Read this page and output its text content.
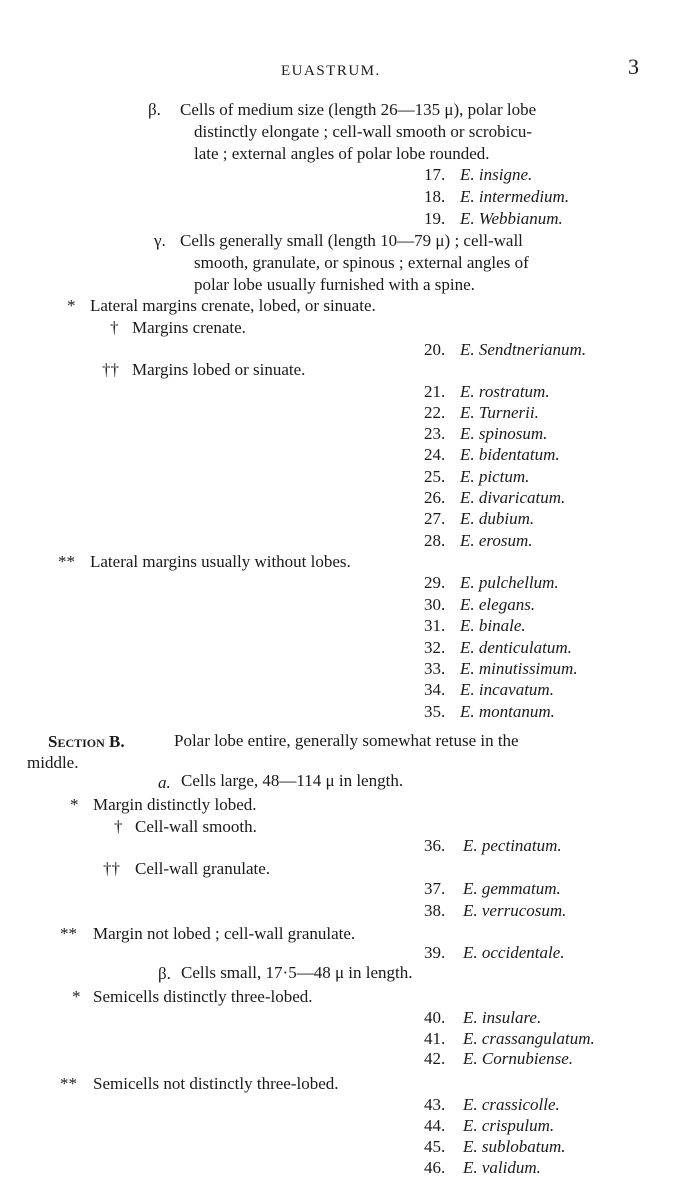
EUASTRUM.	3
β. Cells of medium size (length 26—135 μ), polar lobe
distinctly elongate ; cell-wall smooth or scrobicu-
late ; external angles of polar lobe rounded.
17. E. insigne.
18. E. intermedium.
19. E. Webbianum.
γ. Cells generally small (length 10—79 μ) ; cell-wall
smooth, granulate, or spinous ; external angles of
polar lobe usually furnished with a spine.
* Lateral margins crenate, lobed, or sinuate.
† Margins crenate.
20. E. Sendtnerianum.
†† Margins lobed or sinuate.
21. E. rostratum.
22. E. Turnerii.
23. E. spinosum.
24. E. bidentatum.
25. E. pictum.
26. E. divaricatum.
27. E. dubium.
28. E. erosum.
** Lateral margins usually without lobes.
29. E. pulchellum.
30. E. elegans.
31. E. binale.
32. E. denticulatum.
33. E. minutissimum.
34. E. incavatum.
35. E. montanum.
Section B.	Polar lobe entire, generally somewhat retuse in the
middle.
a. Cells large, 48—114 μ in length.
* Margin distinctly lobed.
† Cell-wall smooth.
36. E. pectinatum.
†† Cell-wall granulate.
37. E. gemmatum.
38. E. verrucosum.
** Margin not lobed ; cell-wall granulate.
39. E. occidentale.
β. Cells small, 17·5—48 μ in length.
* Semicells distinctly three-lobed.
40. E. insulare.
41. E. crassangulatum.
42. E. Cornubiense.
** Semicells not distinctly three-lobed.
43. E. crassicolle.
44. E. crispulum.
45. E. sublobatum.
46. E. validum.
